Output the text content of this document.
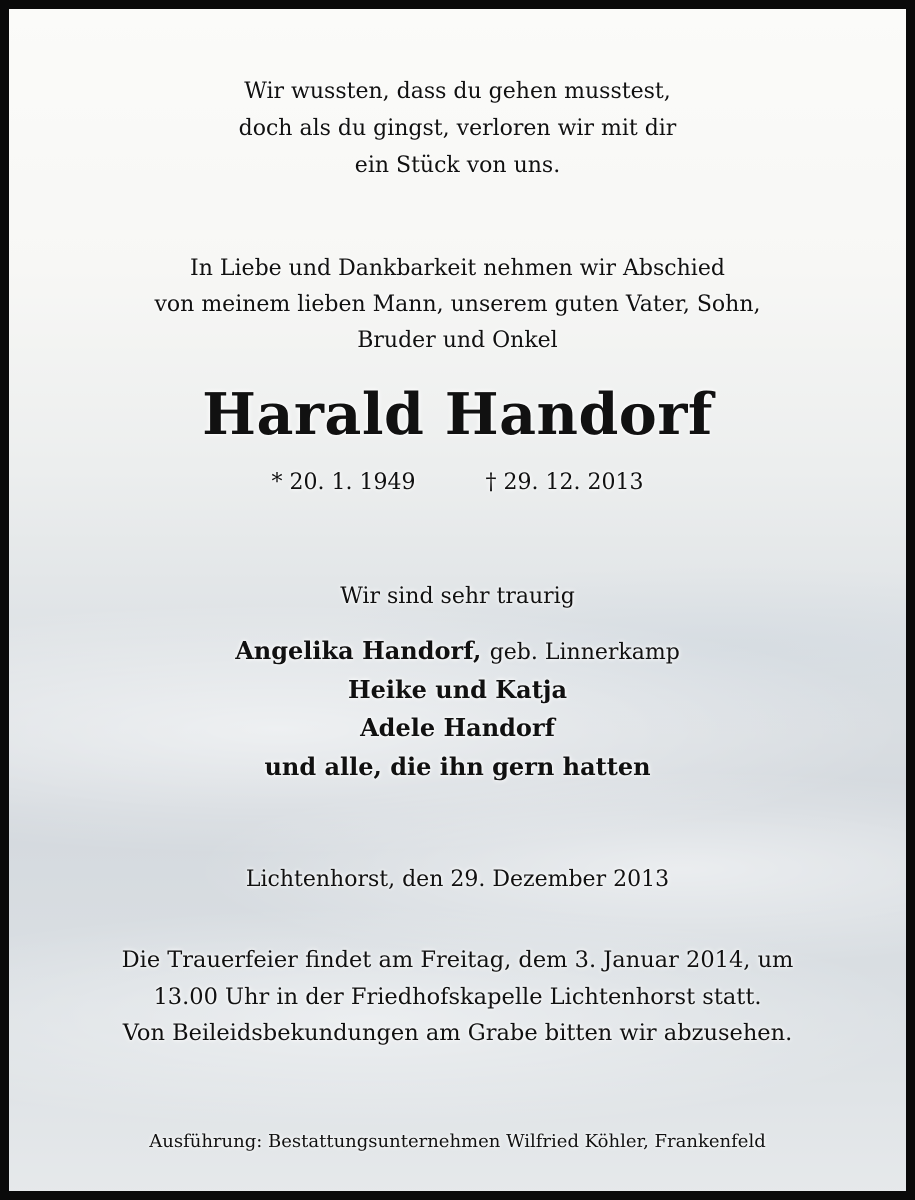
Wir wussten, dass du gehen musstest,
doch als du gingst, verloren wir mit dir
ein Stück von uns.
In Liebe und Dankbarkeit nehmen wir Abschied
von meinem lieben Mann, unserem guten Vater, Sohn,
Bruder und Onkel
Harald Handorf
* 20. 1. 1949	† 29. 12. 2013
Wir sind sehr traurig
Angelika Handorf, geb. Linnerkamp
Heike und Katja
Adele Handorf
und alle, die ihn gern hatten
Lichtenhorst, den 29. Dezember 2013
Die Trauerfeier findet am Freitag, dem 3. Januar 2014, um
13.00 Uhr in der Friedhofskapelle Lichtenhorst statt.
Von Beileidsbekundungen am Grabe bitten wir abzusehen.
Ausführung: Bestattungsunternehmen Wilfried Köhler, Frankenfeld
